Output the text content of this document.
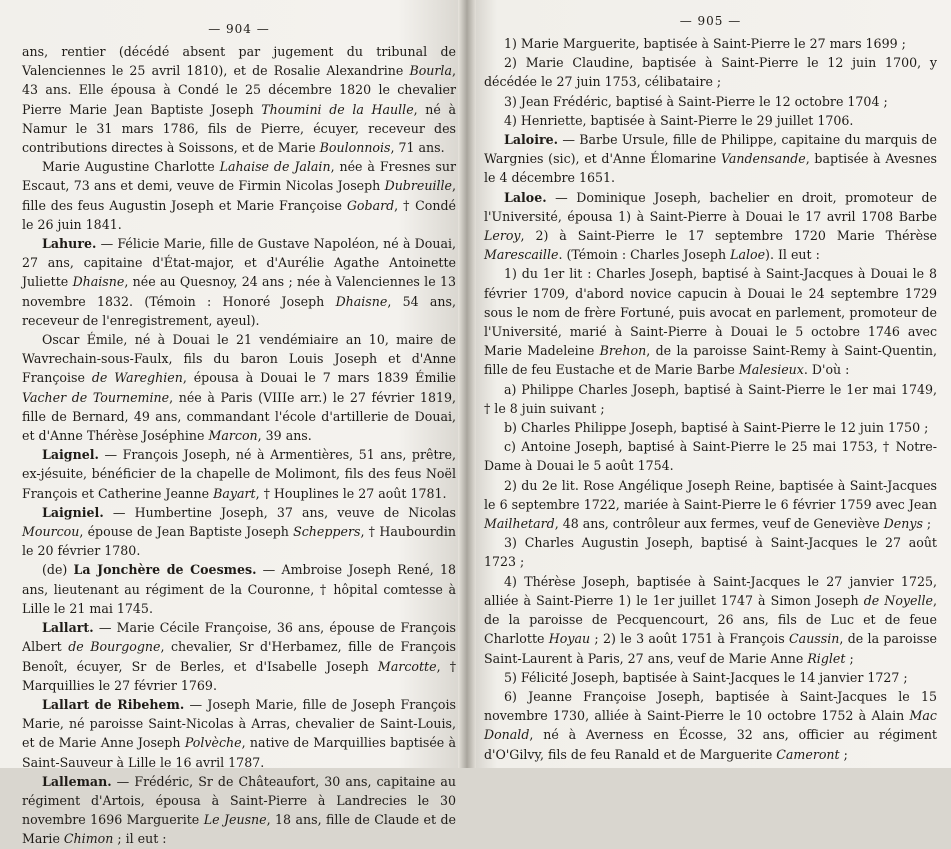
— 904 —

ans, rentier (décédé absent par jugement du tribunal de Valenciennes le 25 avril 1810), et de Rosalie Alexandrine Bourla, 43 ans. Elle épousa à Condé le 25 décembre 1820 le chevalier Pierre Marie Jean Baptiste Joseph Thoumini de la Haulle, né à Namur le 31 mars 1786, fils de Pierre, écuyer, receveur des contributions directes à Soissons, et de Marie Boulonnois, 71 ans.

Marie Augustine Charlotte Lahaise de Jalain, née à Fresnes sur Escaut, 73 ans et demi, veuve de Firmin Nicolas Joseph Dubreuille, fille des feus Augustin Joseph et Marie Françoise Gobard, † Condé le 26 juin 1841.

Lahure. — Félicie Marie, fille de Gustave Napoléon, né à Douai, 27 ans, capitaine d'État-major, et d'Aurélie Agathe Antoinette Juliette Dhaisne, née au Quesnoy, 24 ans ; née à Valenciennes le 13 novembre 1832. (Témoin : Honoré Joseph Dhaisne, 54 ans, receveur de l'enregistrement, ayeul).

Oscar Émile, né à Douai le 21 vendémiaire an 10, maire de Wavrechain-sous-Faulx, fils du baron Louis Joseph et d'Anne Françoise de Wareghien, épousa à Douai le 7 mars 1839 Émilie Vacher de Tournemine, née à Paris (VIIIe arr.) le 27 février 1819, fille de Bernard, 49 ans, commandant l'école d'artillerie de Douai, et d'Anne Thérèse Joséphine Marcon, 39 ans.

Laignel. — François Joseph, né à Armentières, 51 ans, prêtre, ex-jésuite, bénéficier de la chapelle de Molimont, fils des feus Noël François et Catherine Jeanne Bayart, † Houplines le 27 août 1781.

Laigniel. — Humbertine Joseph, 37 ans, veuve de Nicolas Mourcou, épouse de Jean Baptiste Joseph Scheppers, † Haubourdin le 20 février 1780.

(de) La Jonchère de Coesmes. — Ambroise Joseph René, 18 ans, lieutenant au régiment de la Couronne, † hôpital comtesse à Lille le 21 mai 1745.

Lallart. — Marie Cécile Françoise, 36 ans, épouse de François Albert de Bourgogne, chevalier, Sr d'Herbamez, fille de François Benoît, écuyer, Sr de Berles, et d'Isabelle Joseph Marcotte, † Marquillies le 27 février 1769.

Lallart de Ribehem. — Joseph Marie, fille de Joseph François Marie, né paroisse Saint-Nicolas à Arras, chevalier de Saint-Louis, et de Marie Anne Joseph Polvèche, native de Marquillies baptisée à Saint-Sauveur à Lille le 16 avril 1787.

Lalleman. — Frédéric, Sr de Châteaufort, 30 ans, capitaine au régiment d'Artois, épousa à Saint-Pierre à Landrecies le 30 novembre 1696 Marguerite Le Jeusne, 18 ans, fille de Claude et de Marie Chimon ; il eut :

— 905 —

1) Marie Marguerite, baptisée à Saint-Pierre le 27 mars 1699 ;

2) Marie Claudine, baptisée à Saint-Pierre le 12 juin 1700, y décédée le 27 juin 1753, célibataire ;

3) Jean Frédéric, baptisé à Saint-Pierre le 12 octobre 1704 ;

4) Henriette, baptisée à Saint-Pierre le 29 juillet 1706.

Laloire. — Barbe Ursule, fille de Philippe, capitaine du marquis de Wargnies (sic), et d'Anne Élomarine Vandensande, baptisée à Avesnes le 4 décembre 1651.

Laloe. — Dominique Joseph, bachelier en droit, promoteur de l'Université, épousa 1) à Saint-Pierre à Douai le 17 avril 1708 Barbe Leroy, 2) à Saint-Pierre le 17 septembre 1720 Marie Thérèse Marescaille. (Témoin : Charles Joseph Laloe). Il eut :

1) du 1er lit : Charles Joseph, baptisé à Saint-Jacques à Douai le 8 février 1709, d'abord novice capucin à Douai le 24 septembre 1729 sous le nom de frère Fortuné, puis avocat en parlement, promoteur de l'Université, marié à Saint-Pierre à Douai le 5 octobre 1746 avec Marie Madeleine Brehon, de la paroisse Saint-Remy à Saint-Quentin, fille de feu Eustache et de Marie Barbe Malesieux. D'où :

a) Philippe Charles Joseph, baptisé à Saint-Pierre le 1er mai 1749, † le 8 juin suivant ;

b) Charles Philippe Joseph, baptisé à Saint-Pierre le 12 juin 1750 ;

c) Antoine Joseph, baptisé à Saint-Pierre le 25 mai 1753, † Notre-Dame à Douai le 5 août 1754.

2) du 2e lit. Rose Angélique Joseph Reine, baptisée à Saint-Jacques le 6 septembre 1722, mariée à Saint-Pierre le 6 février 1759 avec Jean Mailhetard, 48 ans, contrôleur aux fermes, veuf de Geneviève Denys ;

3) Charles Augustin Joseph, baptisé à Saint-Jacques le 27 août 1723 ;

4) Thérèse Joseph, baptisée à Saint-Jacques le 27 janvier 1725, alliée à Saint-Pierre 1) le 1er juillet 1747 à Simon Joseph de Noyelle, de la paroisse de Pecquencourt, 26 ans, fils de Luc et de feue Charlotte Hoyau ; 2) le 3 août 1751 à François Caussin, de la paroisse Saint-Laurent à Paris, 27 ans, veuf de Marie Anne Riglet ;

5) Félicité Joseph, baptisée à Saint-Jacques le 14 janvier 1727 ;

6) Jeanne Françoise Joseph, baptisée à Saint-Jacques le 15 novembre 1730, alliée à Saint-Pierre le 10 octobre 1752 à Alain Mac Donald, né à Averness en Écosse, 32 ans, officier au régiment d'O'Gilvy, fils de feu Ranald et de Marguerite Cameront ;
